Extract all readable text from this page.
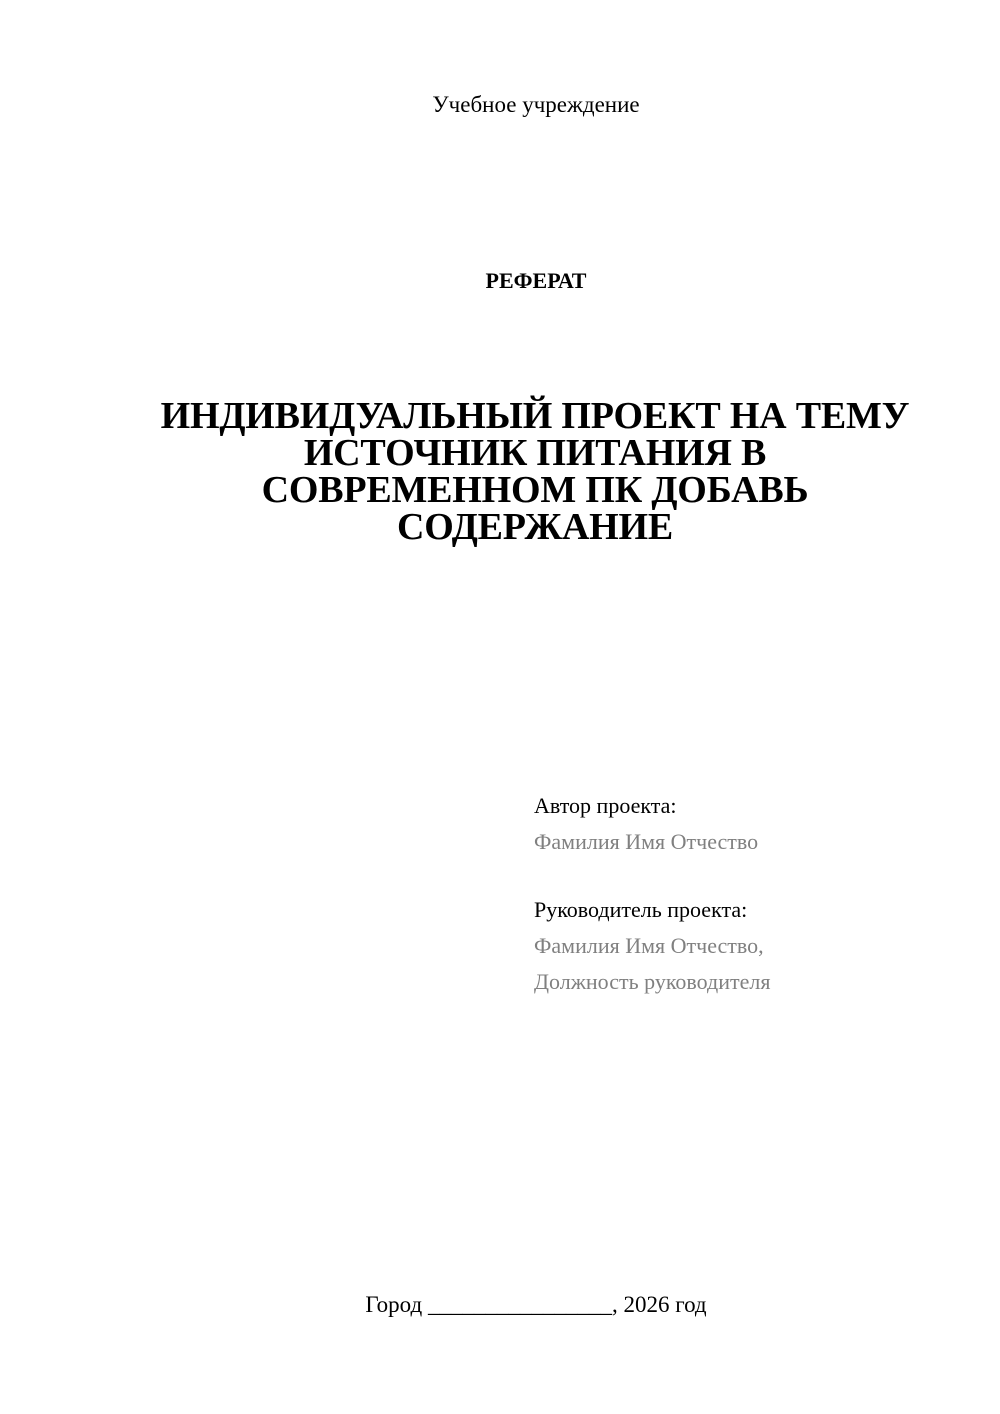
Учебное учреждение
РЕФЕРАТ
ИНДИВИДУАЛЬНЫЙ ПРОЕКТ НА ТЕМУ
ИСТОЧНИК ПИТАНИЯ В
СОВРЕМЕННОМ ПК ДОБАВЬ
СОДЕРЖАНИЕ
Автор проекта:
Фамилия Имя Отчество
Руководитель проекта:
Фамилия Имя Отчество,
Должность руководителя
Город ________________, 2026 год
